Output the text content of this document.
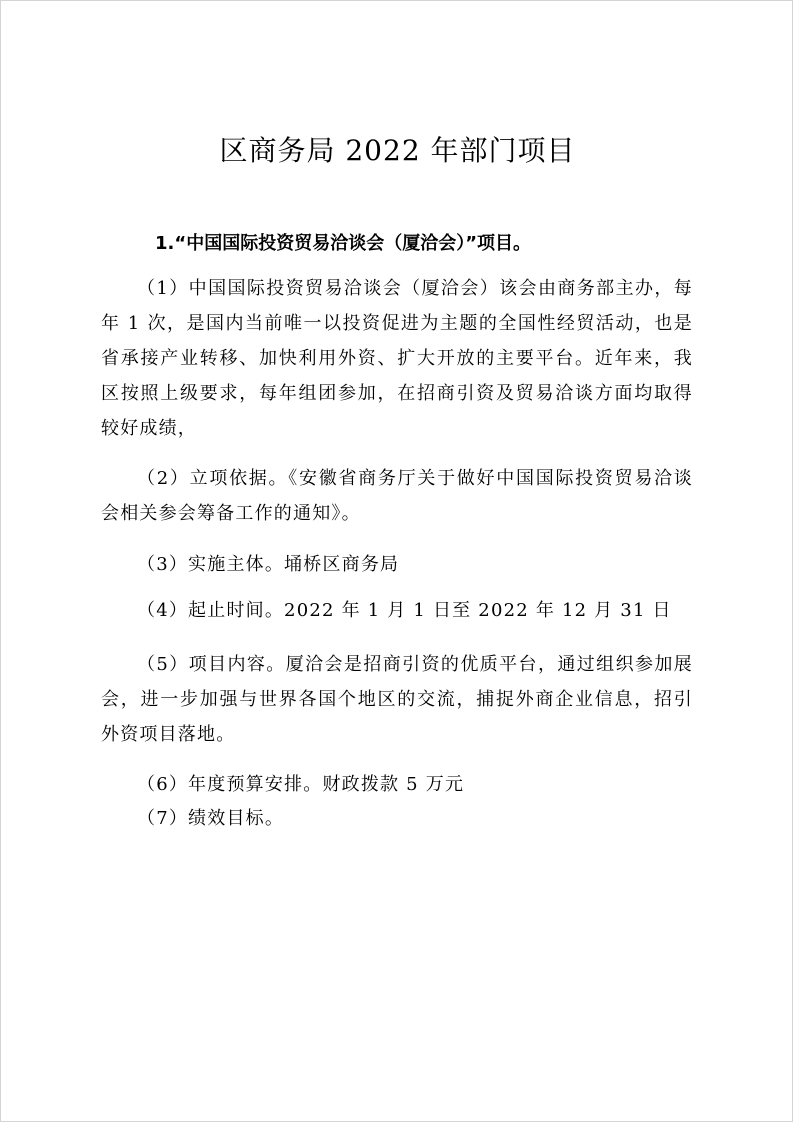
区商务局 2022 年部门项目
1.“中国国际投资贸易洽谈会（厦洽会）”项目。

（1）中国国际投资贸易洽谈会（厦洽会）该会由商务部主办，每年 1 次，是国内当前唯一以投资促进为主题的全国性经贸活动，也是省承接产业转移、加快利用外资、扩大开放的主要平台。近年来，我区按照上级要求，每年组团参加，在招商引资及贸易洽谈方面均取得较好成绩，

（2）立项依据。《安徽省商务厅关于做好中国国际投资贸易洽谈会相关参会筹备工作的通知》。

（3）实施主体。埇桥区商务局

（4）起止时间。2022 年 1 月 1 日至 2022 年 12 月 31 日

（5）项目内容。厦洽会是招商引资的优质平台，通过组织参加展会，进一步加强与世界各国个地区的交流，捕捉外商企业信息，招引外资项目落地。

（6）年度预算安排。财政拨款 5 万元

（7）绩效目标。
